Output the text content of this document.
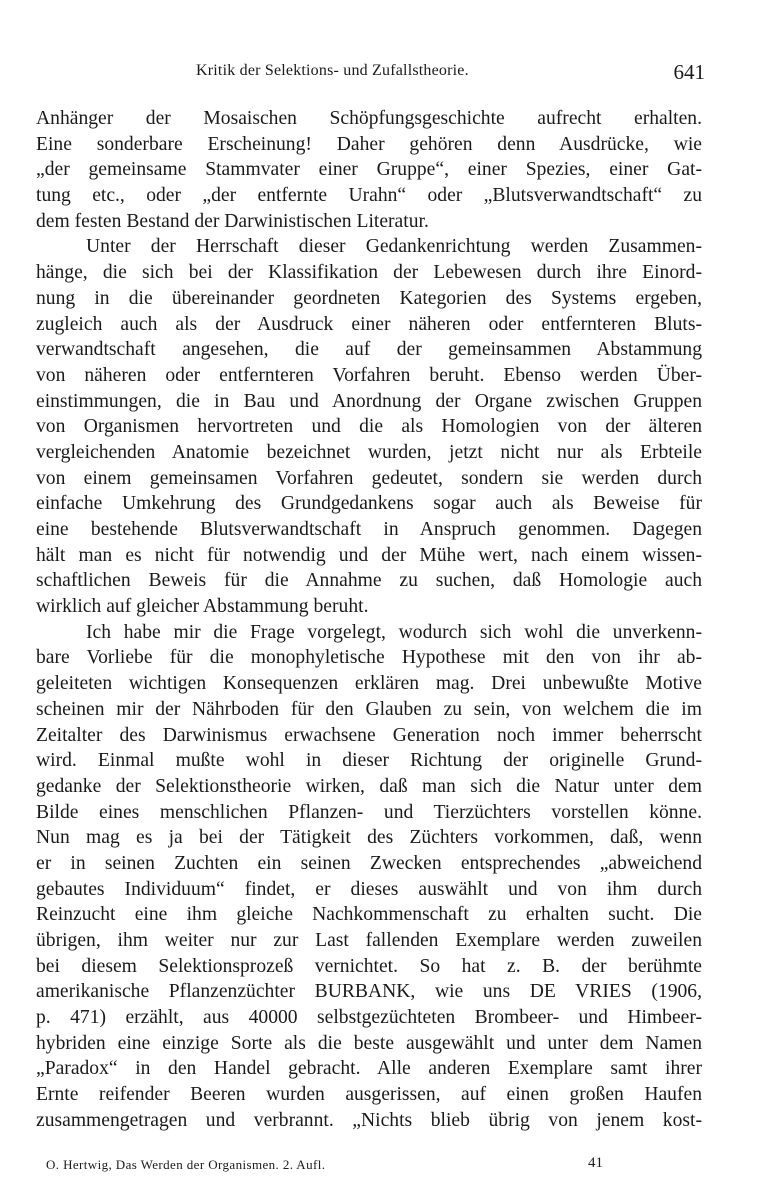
Kritik der Selektions- und Zufallstheorie.	641
Anhänger der Mosaischen Schöpfungsgeschichte aufrecht erhalten.
Eine sonderbare Erscheinung! Daher gehören denn Ausdrücke, wie
„der gemeinsame Stammvater einer Gruppe“, einer Spezies, einer Gat-
tung etc., oder „der entfernte Urahn“ oder „Blutsverwandtschaft“ zu
dem festen Bestand der Darwinistischen Literatur.
Unter der Herrschaft dieser Gedankenrichtung werden Zusammen-
hänge, die sich bei der Klassifikation der Lebewesen durch ihre Einord-
nung in die übereinander geordneten Kategorien des Systems ergeben,
zugleich auch als der Ausdruck einer näheren oder entfernteren Bluts-
verwandtschaft angesehen, die auf der gemeinsammen Abstammung
von näheren oder entfernteren Vorfahren beruht. Ebenso werden Über-
einstimmungen, die in Bau und Anordnung der Organe zwischen Gruppen
von Organismen hervortreten und die als Homologien von der älteren
vergleichenden Anatomie bezeichnet wurden, jetzt nicht nur als Erbteile
von einem gemeinsamen Vorfahren gedeutet, sondern sie werden durch
einfache Umkehrung des Grundgedankens sogar auch als Beweise für
eine bestehende Blutsverwandtschaft in Anspruch genommen. Dagegen
hält man es nicht für notwendig und der Mühe wert, nach einem wissen-
schaftlichen Beweis für die Annahme zu suchen, daß Homologie auch
wirklich auf gleicher Abstammung beruht.
Ich habe mir die Frage vorgelegt, wodurch sich wohl die unverkenn-
bare Vorliebe für die monophyletische Hypothese mit den von ihr ab-
geleiteten wichtigen Konsequenzen erklären mag. Drei unbewußte Motive
scheinen mir der Nährboden für den Glauben zu sein, von welchem die im
Zeitalter des Darwinismus erwachsene Generation noch immer beherrscht
wird. Einmal mußte wohl in dieser Richtung der originelle Grund-
gedanke der Selektionstheorie wirken, daß man sich die Natur unter dem
Bilde eines menschlichen Pflanzen- und Tierzüchters vorstellen könne.
Nun mag es ja bei der Tätigkeit des Züchters vorkommen, daß, wenn
er in seinen Zuchten ein seinen Zwecken entsprechendes „abweichend
gebautes Individuum“ findet, er dieses auswählt und von ihm durch
Reinzucht eine ihm gleiche Nachkommenschaft zu erhalten sucht. Die
übrigen, ihm weiter nur zur Last fallenden Exemplare werden zuweilen
bei diesem Selektionsprozeß vernichtet. So hat z. B. der berühmte
amerikanische Pflanzenzüchter BURBANK, wie uns DE VRIES (1906,
p. 471) erzählt, aus 40000 selbstgezüchteten Brombeer- und Himbeer-
hybriden eine einzige Sorte als die beste ausgewählt und unter dem Namen
„Paradox“ in den Handel gebracht. Alle anderen Exemplare samt ihrer
Ernte reifender Beeren wurden ausgerissen, auf einen großen Haufen
zusammengetragen und verbrannt. „Nichts blieb übrig von jenem kost-
O. Hertwig, Das Werden der Organismen. 2. Aufl.	41
